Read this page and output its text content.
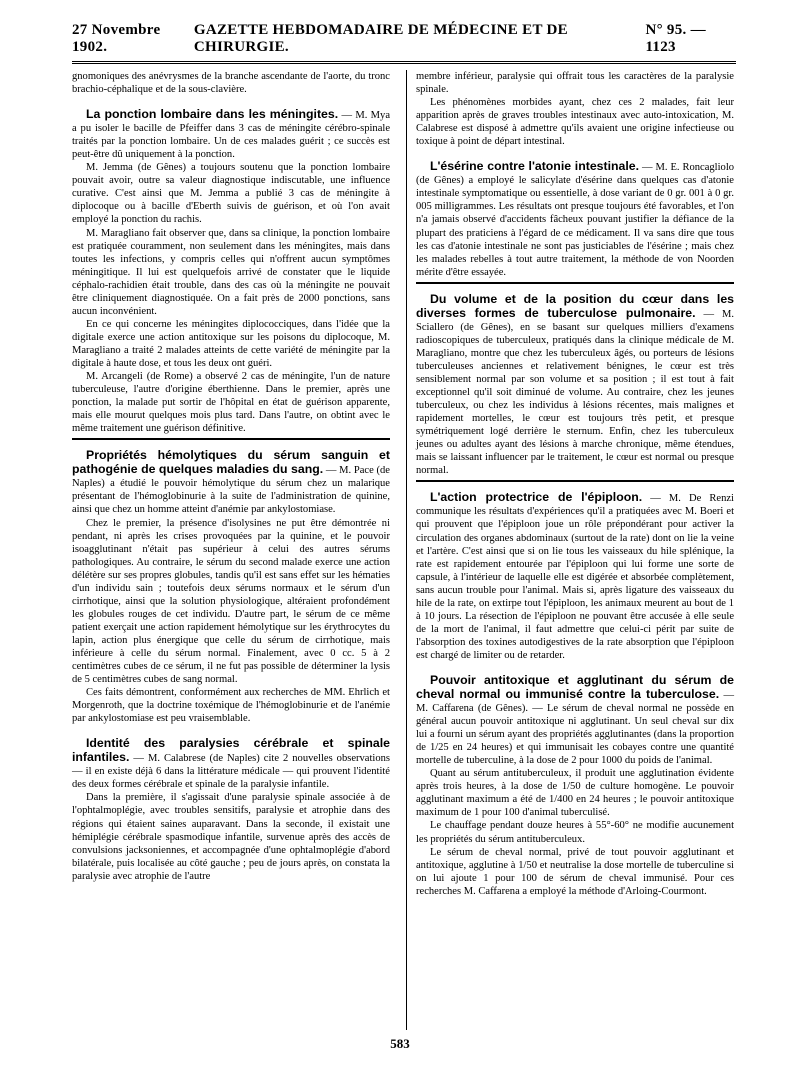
27 Novembre 1902.
GAZETTE HEBDOMADAIRE DE MÉDECINE ET DE CHIRURGIE.
N° 95. — 1123

gnomoniques des anévrysmes de la branche ascendante de l'aorte, du tronc brachio-céphalique et de la sous-clavière.

La ponction lombaire dans les méningites. — M. Mya a pu isoler le bacille de Pfeiffer dans 3 cas de méningite cérébro-spinale traités par la ponction lombaire. Un de ces malades guérit ; ce succès est peut-être dû uniquement à la ponction.

M. Jemma (de Gênes) a toujours soutenu que la ponction lombaire pouvait avoir, outre sa valeur diagnostique indiscutable, une influence curative. C'est ainsi que M. Jemma a publié 3 cas de méningite à diplocoque ou à bacille d'Eberth suivis de guérison, et où l'on avait employé la ponction du rachis.

M. Maragliano fait observer que, dans sa clinique, la ponction lombaire est pratiquée couramment, non seulement dans les méningites, mais dans toutes les infections, y compris celles qui n'offrent aucun symptômes méningitique. Il lui est quelquefois arrivé de constater que le liquide céphalo-rachidien était trouble, dans des cas où la méningite ne pouvait être cliniquement diagnostiquée. On a fait près de 2000 ponctions, sans aucun inconvénient.

En ce qui concerne les méningites diplococciques, dans l'idée que la digitale exerce une action antitoxique sur les poisons du diplocoque, M. Maragliano a traité 2 malades atteints de cette variété de méningite par la digitale à haute dose, et tous les deux ont guéri.

M. Arcangeli (de Rome) a observé 2 cas de méningite, l'un de nature tuberculeuse, l'autre d'origine éberthienne. Dans le premier, après une ponction, la malade put sortir de l'hôpital en état de guérison apparente, mais elle mourut quelques mois plus tard. Dans l'autre, on obtint avec le même traitement une guérison définitive.

Propriétés hémolytiques du sérum sanguin et pathogénie de quelques maladies du sang. — M. Pace (de Naples) a étudié le pouvoir hémolytique du sérum chez un malarique présentant de l'hémoglobinurie à la suite de l'administration de quinine, ainsi que chez un homme atteint d'anémie par ankylostomiase.

Chez le premier, la présence d'isolysines ne put être démontrée ni pendant, ni après les crises provoquées par la quinine, et le pouvoir isoagglutinant n'était pas supérieur à celui des autres sérums pathologiques. Au contraire, le sérum du second malade exerce une action délétère sur ses propres globules, tandis qu'il est sans effet sur les hématies d'un individu sain ; toutefois deux sérums normaux et le sérum d'un cirrhotique, ainsi que la solution physiologique, altéraient profondément les globules rouges de cet individu. D'autre part, le sérum de ce même patient exerçait une action rapidement hémolytique sur les érythrocytes du lapin, action plus énergique que celle du sérum de cirrhotique, mais inférieure à celle du sérum normal. Finalement, avec 0 cc. 5 à 2 centimètres cubes de ce sérum, il ne fut pas possible de déterminer la lysis de 5 centimètres cubes de sang normal.

Ces faits démontrent, conformément aux recherches de MM. Ehrlich et Morgenroth, que la doctrine toxémique de l'hémoglobinurie et de l'anémie par ankylostomiase est peu vraisemblable.

Identité des paralysies cérébrale et spinale infantiles. — M. Calabrese (de Naples) cite 2 nouvelles observations — il en existe déjà 6 dans la littérature médicale — qui prouvent l'identité des deux formes cérébrale et spinale de la paralysie infantile.

Dans la première, il s'agissait d'une paralysie spinale associée à de l'ophtalmoplégie, avec troubles sensitifs, paralysie et atrophie dans des régions qui étaient saines auparavant. Dans la seconde, il existait une hémiplégie cérébrale spasmodique infantile, survenue après des accès de convulsions jacksoniennes, et accompagnée d'une ophtalmoplégie d'abord bilatérale, puis localisée au côté gauche ; peu de jours après, on constata la paralysie avec atrophie de l'autre

membre inférieur, paralysie qui offrait tous les caractères de la paralysie spinale.

Les phénomènes morbides ayant, chez ces 2 malades, fait leur apparition après de graves troubles intestinaux avec auto-intoxication, M. Calabrese est disposé à admettre qu'ils avaient une origine infectieuse ou toxique à point de départ intestinal.

L'ésérine contre l'atonie intestinale. — M. E. Roncagliolo (de Gênes) a employé le salicylate d'ésérine dans quelques cas d'atonie intestinale symptomatique ou essentielle, à dose variant de 0 gr. 001 à 0 gr. 005 milligrammes. Les résultats ont presque toujours été favorables, et l'on n'a jamais observé d'accidents fâcheux pouvant justifier la défiance de la plupart des praticiens à l'égard de ce médicament. Il va sans dire que tous les cas d'atonie intestinale ne sont pas justiciables de l'ésérine ; mais chez les malades rebelles à tout autre traitement, la méthode de von Noorden mérite d'être essayée.

Du volume et de la position du cœur dans les diverses formes de tuberculose pulmonaire. — M. Sciallero (de Gênes), en se basant sur quelques milliers d'examens radioscopiques de tuberculeux, pratiqués dans la clinique médicale de M. Maragliano, montre que chez les tuberculeux âgés, ou porteurs de lésions tuberculeuses anciennes et relativement bénignes, le cœur est très sensiblement normal par son volume et sa position ; il est tout à fait exceptionnel qu'il soit diminué de volume. Au contraire, chez les jeunes tuberculeux, ou chez les individus à lésions récentes, mais malignes et rapidement mortelles, le cœur est toujours très petit, et presque symétriquement logé derrière le sternum. Enfin, chez les tuberculeux jeunes ou adultes ayant des lésions à marche chronique, même étendues, mais se laissant influencer par le traitement, le cœur est normal ou presque normal.

L'action protectrice de l'épiploon. — M. De Renzi communique les résultats d'expériences qu'il a pratiquées avec M. Boeri et qui prouvent que l'épiploon joue un rôle prépondérant pour activer la circulation des organes abdominaux (surtout de la rate) dont on lie la veine et l'artère. C'est ainsi que si on lie tous les vaisseaux du hile splénique, la rate est rapidement entourée par l'épiploon qui lui forme une sorte de capsule, à l'intérieur de laquelle elle est digérée et absorbée complètement, sans aucun trouble pour l'animal. Mais si, après ligature des vaisseaux du hile de la rate, on extirpe tout l'épiploon, les animaux meurent au bout de 1 à 10 jours. La résection de l'épiploon ne pouvant être accusée à elle seule de la mort de l'animal, il faut admettre que celui-ci périt par suite de l'absorption des toxines autodigestives de la rate absorption que l'épiploon est chargé de limiter ou de retarder.

Pouvoir antitoxique et agglutinant du sérum de cheval normal ou immunisé contre la tuberculose. — M. Caffarena (de Gênes). — Le sérum de cheval normal ne possède en général aucun pouvoir antitoxique ni agglutinant. Un seul cheval sur dix lui a fourni un sérum ayant des propriétés agglutinantes (dans la proportion de 1/25 en 24 heures) et qui immunisait les cobayes contre une quantité mortelle de tuberculine, à la dose de 2 pour 1000 du poids de l'animal.

Quant au sérum antituberculeux, il produit une agglutination évidente après trois heures, à la dose de 1/50 de culture homogène. Le pouvoir agglutinant maximum a été de 1/400 en 24 heures ; le pouvoir antitoxique maximum de 1 pour 100 d'animal tuberculisé.

Le chauffage pendant douze heures à 55°-60° ne modifie aucunement les propriétés du sérum antituberculeux.

Le sérum de cheval normal, privé de tout pouvoir agglutinant et antitoxique, agglutine à 1/50 et neutralise la dose mortelle de tuberculine si on lui ajoute 1 pour 100 de sérum de cheval immunisé. Pour ces recherches M. Caffarena a employé la méthode d'Arloing-Courmont.

583
